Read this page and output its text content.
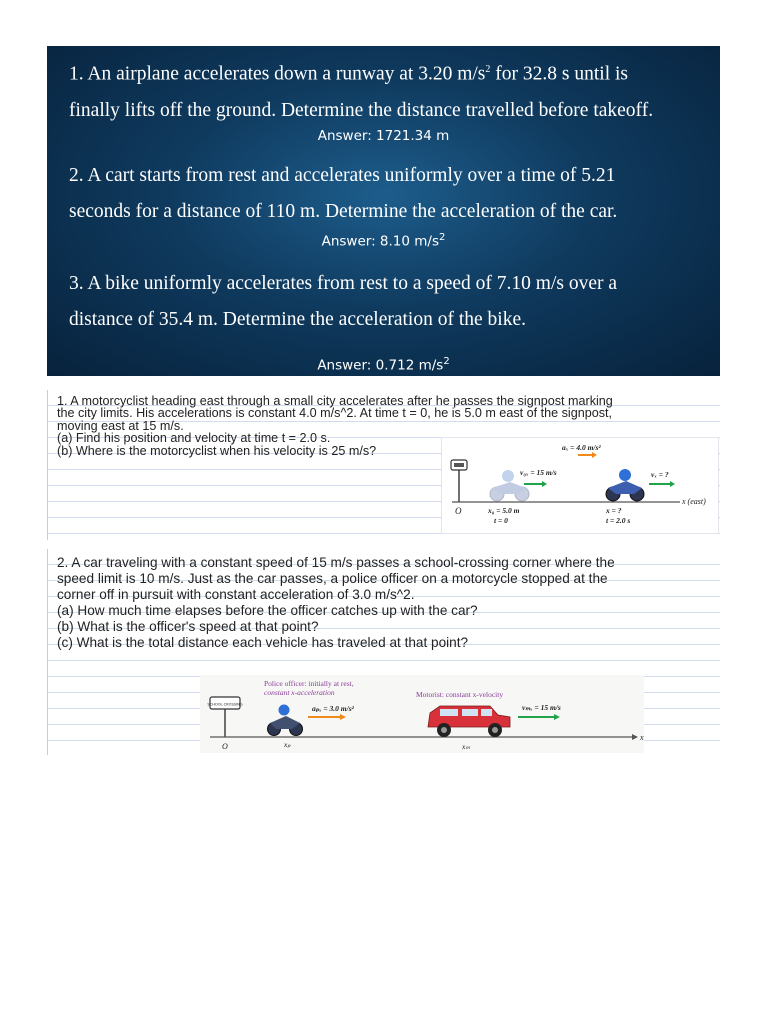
1. An airplane accelerates down a runway at 3.20 $m/s^2$ for 32.8 s until is
finally lifts off the ground. Determine the distance travelled before takeoff.
Answer: 1721.34 m
2. A cart starts from rest and accelerates uniformly over a time of 5.21
seconds for a distance of 110 m. Determine the acceleration of the car.
Answer: 8.10 $m/s^2$
3. A bike uniformly accelerates from rest to a speed of 7.10 m/s over a
distance of 35.4 m. Determine the acceleration of the bike.
Answer: 0.712 $m/s^2$
1. A motorcyclist heading east through a small city accelerates after he passes the signpost marking
the city limits. His accelerations is constant 4.0 m/s^2. At time t = 0, he is 5.0 m east of the signpost,
moving east at 15 m/s.
(a) Find his position and velocity at time t = 2.0 s.
(b) Where is the motorcyclist when his velocity is 25 m/s?
x (east)
O
aₓ = 4.0 m/s²
v₀ₓ = 15 m/s	vₓ = ?
x₀ = 5.0 m
t = 0
x = ?
t = 2.0 s
2. A car traveling with a constant speed of 15 m/s passes a school-crossing corner where the
speed limit is 10 m/s. Just as the car passes, a police officer on a motorcycle stopped at the
corner off in pursuit with constant acceleration of 3.0 m/s^2.
(a) How much time elapses before the officer catches up with the car?
(b) What is the officer's speed at that point?
(c) What is the total distance each vehicle has traveled at that point?
SCHOOL CROSSING
x
O	xₚ	xₘ
Police officer: initially at rest,
constant x-acceleration	Motorist: constant x-velocity
aₚₓ = 3.0 m/s²	vₘₓ = 15 m/s
